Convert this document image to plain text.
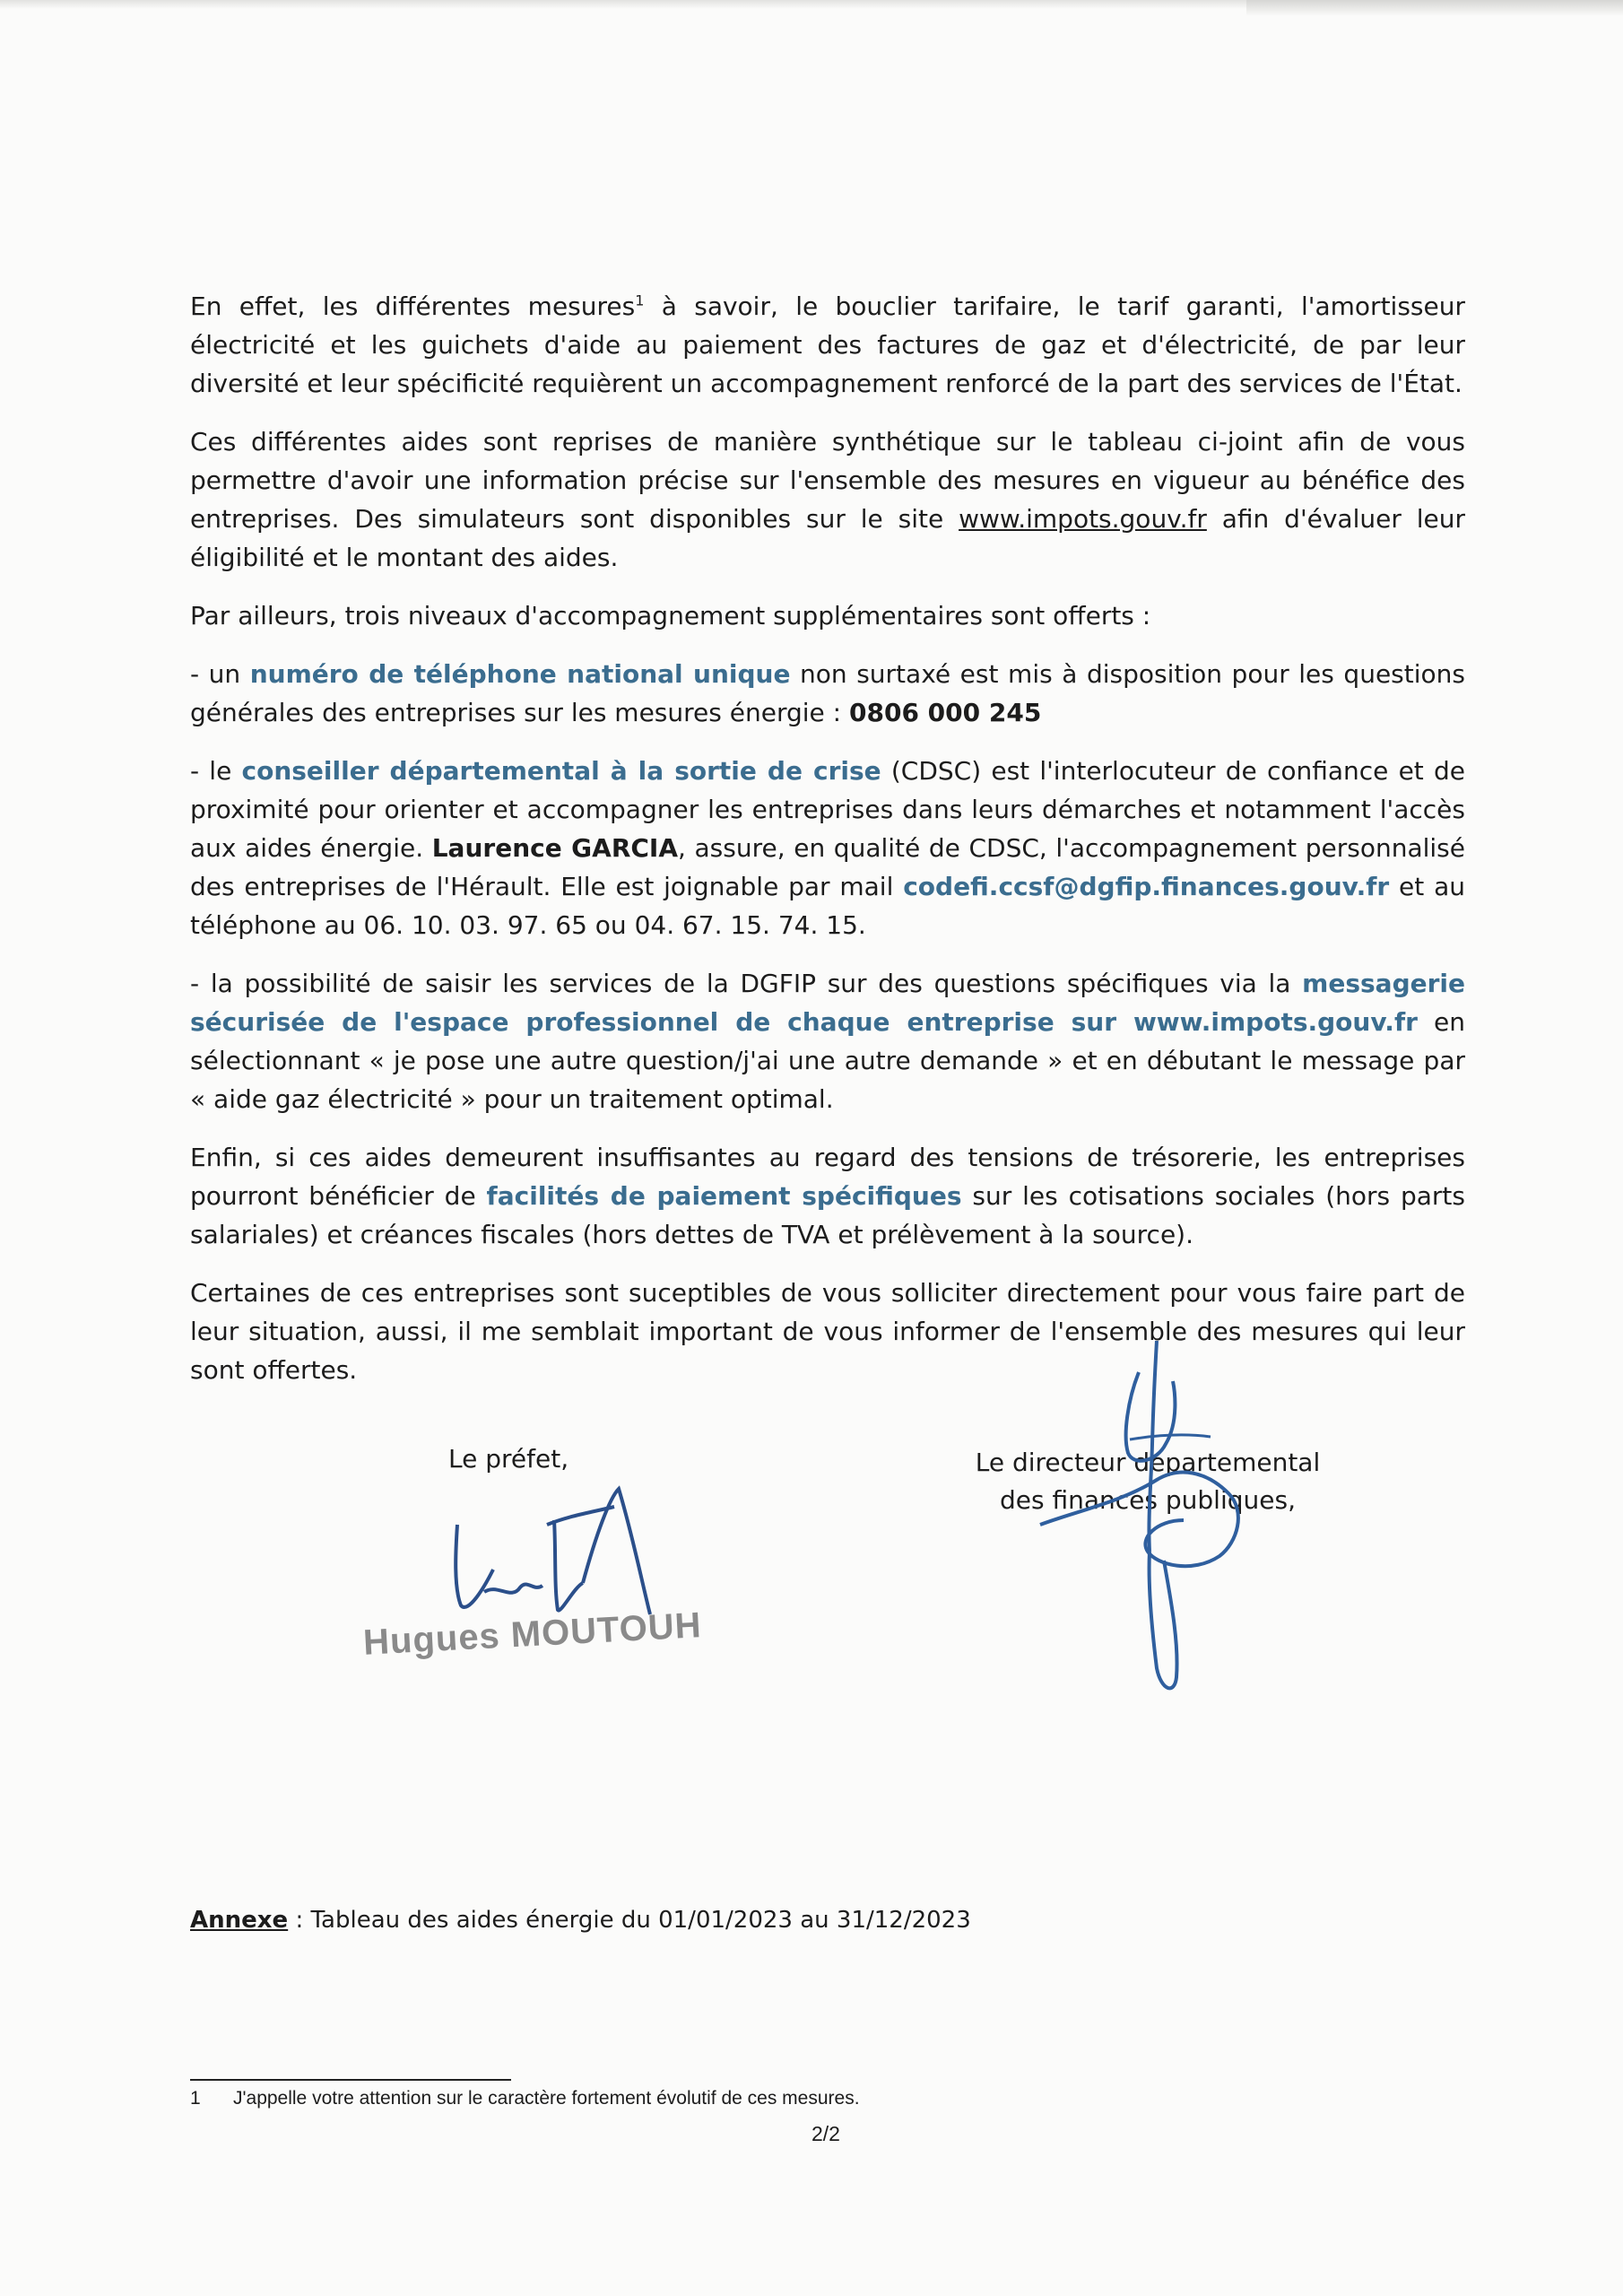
En effet, les différentes mesures$^1$ à savoir, le bouclier tarifaire, le tarif garanti, l'amortisseur électricité et les guichets d'aide au paiement des factures de gaz et d'électricité, de par leur diversité et leur spécificité requièrent un accompagnement renforcé de la part des services de l'État.

Ces différentes aides sont reprises de manière synthétique sur le tableau ci-joint afin de vous permettre d'avoir une information précise sur l'ensemble des mesures en vigueur au bénéfice des entreprises. Des simulateurs sont disponibles sur le site www.impots.gouv.fr afin d'évaluer leur éligibilité et le montant des aides.

Par ailleurs, trois niveaux d'accompagnement supplémentaires sont offerts :

- un numéro de téléphone national unique non surtaxé est mis à disposition pour les questions générales des entreprises sur les mesures énergie : 0806 000 245

- le conseiller départemental à la sortie de crise (CDSC) est l'interlocuteur de confiance et de proximité pour orienter et accompagner les entreprises dans leurs démarches et notamment l'accès aux aides énergie. Laurence GARCIA, assure, en qualité de CDSC, l'accompagnement personnalisé des entreprises de l'Hérault. Elle est joignable par mail codefi.ccsf@dgfip.finances.gouv.fr et au téléphone au 06. 10. 03. 97. 65 ou 04. 67. 15. 74. 15.

- la possibilité de saisir les services de la DGFIP sur des questions spécifiques via la messagerie sécurisée de l'espace professionnel de chaque entreprise sur www.impots.gouv.fr en sélectionnant « je pose une autre question/j'ai une autre demande » et en débutant le message par « aide gaz électricité » pour un traitement optimal.

Enfin, si ces aides demeurent insuffisantes au regard des tensions de trésorerie, les entreprises pourront bénéficier de facilités de paiement spécifiques sur les cotisations sociales (hors parts salariales) et créances fiscales (hors dettes de TVA et prélèvement à la source).

Certaines de ces entreprises sont suceptibles de vous solliciter directement pour vous faire part de leur situation, aussi, il me semblait important de vous informer de l'ensemble des mesures qui leur sont offertes.

Le préfet,
Hugues MOUTOUH
Le directeur départemental
des finances publiques,
Annexe : Tableau des aides énergie du 01/01/2023 au 31/12/2023
1 J'appelle votre attention sur le caractère fortement évolutif de ces mesures.
2/2
